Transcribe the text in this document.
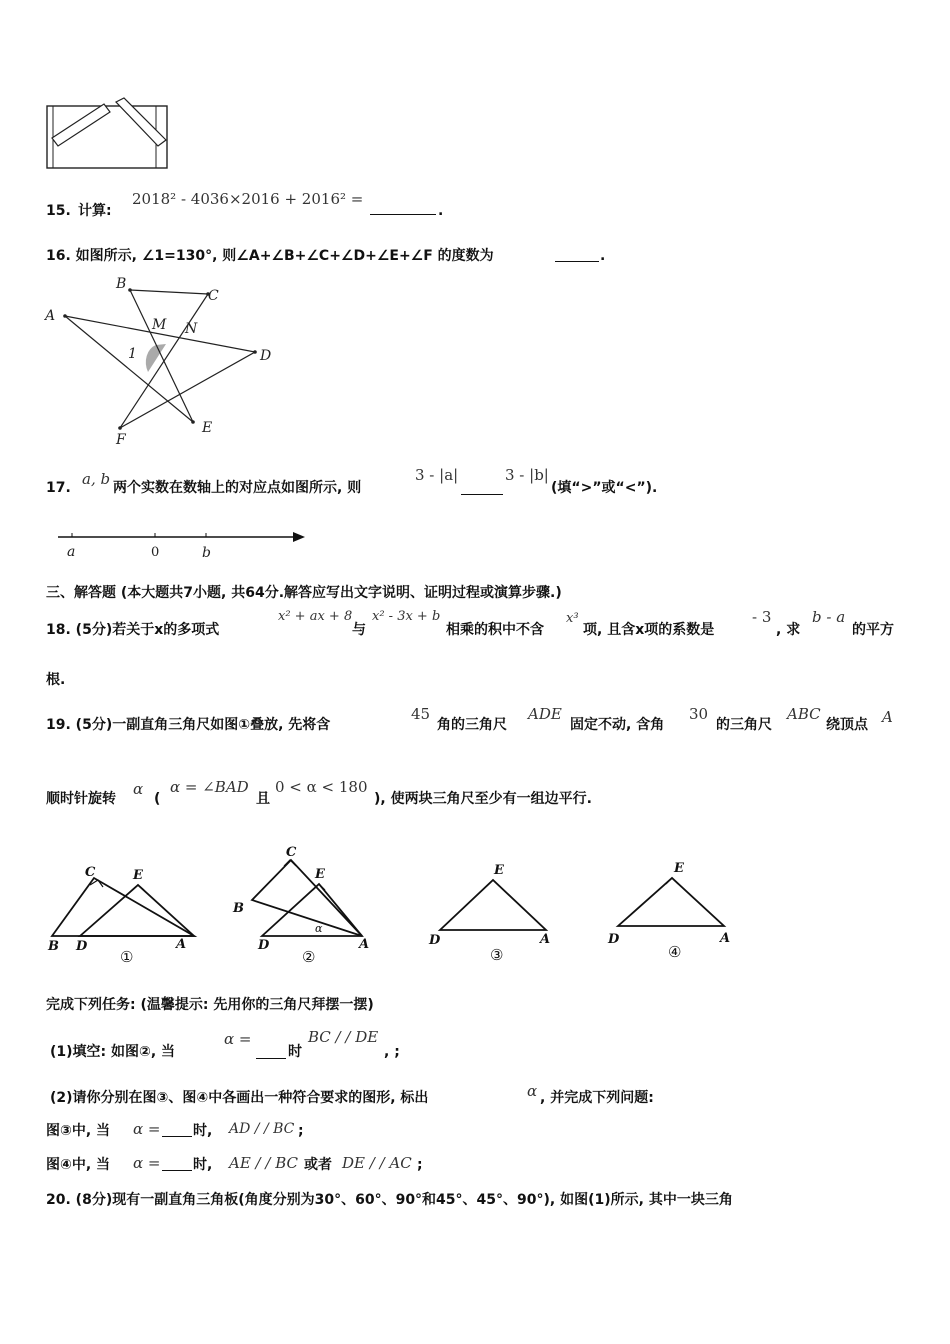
15. 计算:
2018² - 4036×2016 + 2016² =
.
16. 如图所示, ∠1=130°, 则∠A+∠B+∠C+∠D+∠E+∠F 的度数为	.
A
B
C
D
E
F
M N
1
17. a, b 两个实数在数轴上的对应点如图所示, 则
3 - |a|	3 - |b|
(填“>”或“<”).
a	0	b
三、解答题 (本大题共7小题, 共64分.解答应写出文字说明、证明过程或演算步骤.)
18. (5分)若关于x的多项式
x² + ax + 8
与
x² - 3x + b
相乘的积中不含
x³
项, 且含x项的系数是
- 3
, 求
b - a
的平方
根.
19. (5分)一副直角三角尺如图①叠放, 先将含
45
角的三角尺
ADE
固定不动, 含角
30
的三角尺
ABC
绕顶点 A
顺时针旋转
α
(
α = ∠BAD
且
0 < α < 180
), 使两块三角尺至少有一组边平行.
C	E
B D	A
①
C
E
B
D	A
α
②
E
D	A
③
E
D	A
④
完成下列任务: (温馨提示: 先用你的三角尺拜摆一摆)
(1)填空: 如图②, 当
α =
时
BC / / DE
, ;
(2)请你分别在图③、图④中各画出一种符合要求的图形, 标出	α , 并完成下列问题:
图③中, 当 α = 时, AD / / BC ;
图④中, 当 α = 时, AE / / BC 或者 DE / / AC ;
20. (8分)现有一副直角三角板(角度分别为30°、60°、90°和45°、45°、90°), 如图(1)所示, 其中一块三角
